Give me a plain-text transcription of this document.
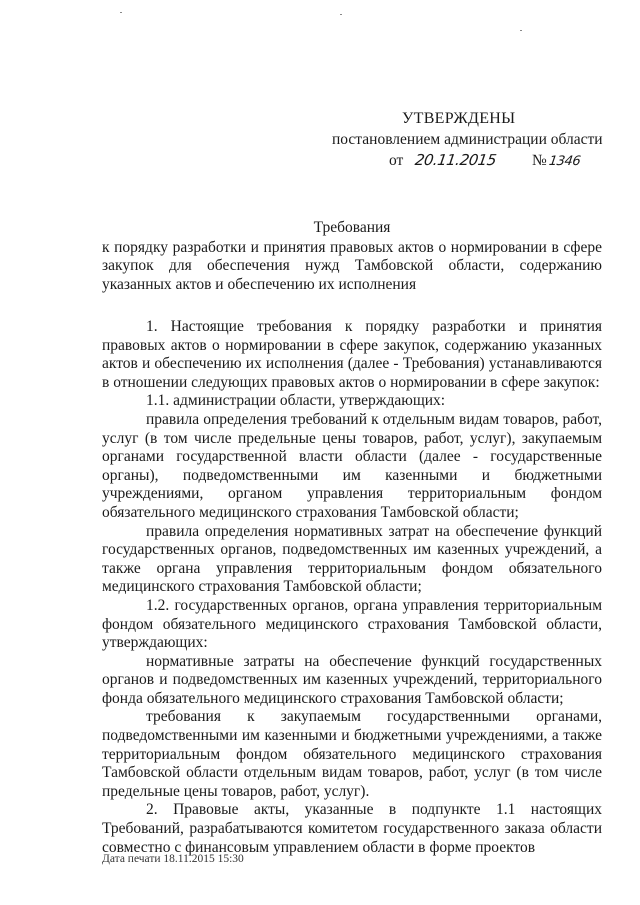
УТВЕРЖДЕНЫ
постановлением администрации области
от 20.11.2015 №1346
Требования
к порядку разработки и принятия правовых актов о нормировании в сфере закупок для обеспечения нужд Тамбовской области, содержанию указанных актов и обеспечению их исполнения

1. Настоящие требования к порядку разработки и принятия правовых актов о нормировании в сфере закупок, содержанию указанных актов и обеспечению их исполнения (далее - Требования) устанавливаются в отношении следующих правовых актов о нормировании в сфере закупок:

1.1. администрации области, утверждающих:

правила определения требований к отдельным видам товаров, работ, услуг (в том числе предельные цены товаров, работ, услуг), закупаемым органами государственной власти области (далее - государственные органы), подведомственными им казенными и бюджетными учреждениями, органом управления территориальным фондом обязательного медицинского страхования Тамбовской области;

правила определения нормативных затрат на обеспечение функций государственных органов, подведомственных им казенных учреждений, а также органа управления территориальным фондом обязательного медицинского страхования Тамбовской области;

1.2. государственных органов, органа управления территориальным фондом обязательного медицинского страхования Тамбовской области, утверждающих:

нормативные затраты на обеспечение функций государственных органов и подведомственных им казенных учреждений, территориального фонда обязательного медицинского страхования Тамбовской области;

требования к закупаемым государственными органами, подведомственными им казенными и бюджетными учреждениями, а также территориальным фондом обязательного медицинского страхования Тамбовской области отдельным видам товаров, работ, услуг (в том числе предельные цены товаров, работ, услуг).

2. Правовые акты, указанные в подпункте 1.1 настоящих Требований, разрабатываются комитетом государственного заказа области совместно с финансовым управлением области в форме проектов

Дата печати 18.11.2015 15:30
